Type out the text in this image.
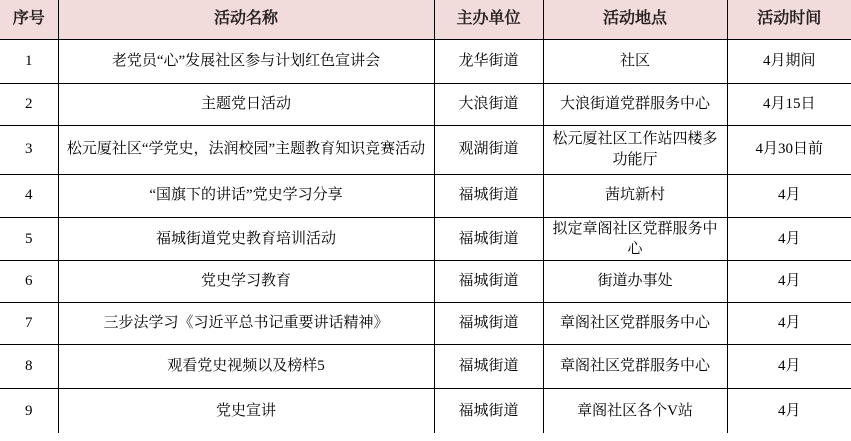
序号	活动名称	主办单位	活动地点	活动时间
1	老党员“心”发展社区参与计划红色宣讲会	龙华街道	社区	4月期间
2	主题党日活动	大浪街道	大浪街道党群服务中心	4月15日
3	松元厦社区“学党史，法润校园”主题教育知识竞赛活动	观湖街道	松元厦社区工作站四楼多功能厅	4月30日前
4	“国旗下的讲话”党史学习分享	福城街道	茜坑新村	4月
5	福城街道党史教育培训活动	福城街道	拟定章阁社区党群服务中心	4月
6	党史学习教育	福城街道	街道办事处	4月
7	三步法学习《习近平总书记重要讲话精神》	福城街道	章阁社区党群服务中心	4月
8	观看党史视频以及榜样5	福城街道	章阁社区党群服务中心	4月
9	党史宣讲	福城街道	章阁社区各个V站	4月
